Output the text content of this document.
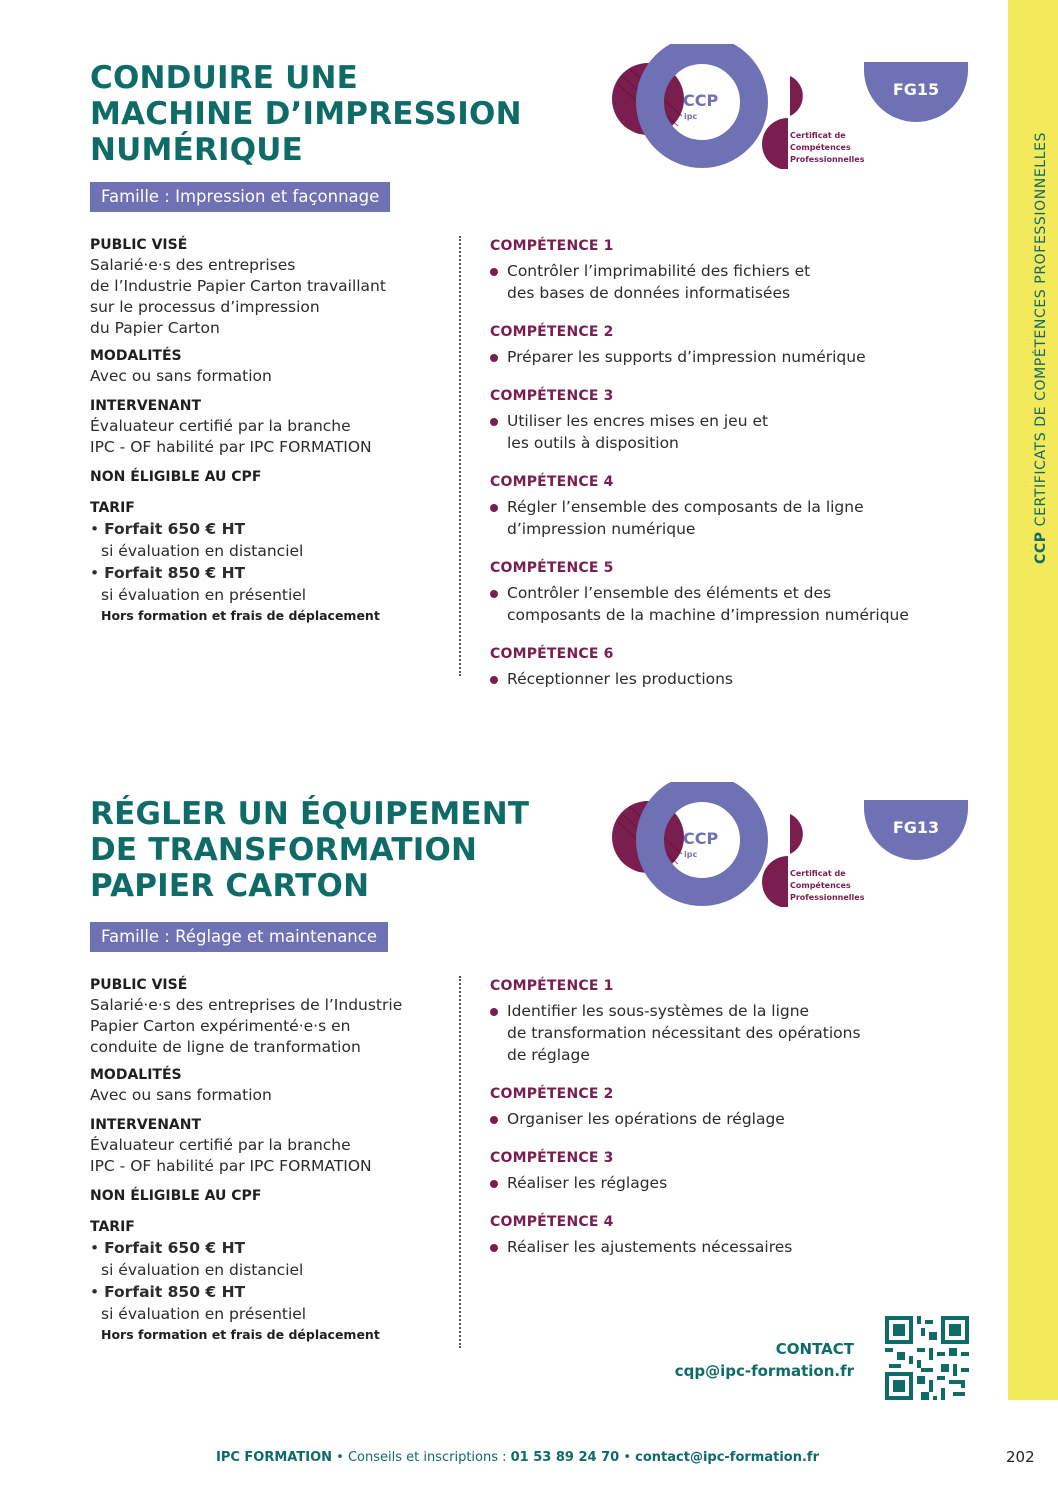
CCP CERTIFICATS DE COMPÉTENCES PROFESSIONNELLES
CONDUIRE UNE
MACHINE D’IMPRESSION
NUMÉRIQUE
CCP
ipc
Certificat de
Compétences
Professionnelles
FG15
Famille : Impression et façonnage
PUBLIC VISÉ
Salarié·e·s des entreprises
de l’Industrie Papier Carton travaillant
sur le processus d’impression
du Papier Carton
MODALITÉS
Avec ou sans formation
INTERVENANT
Évaluateur certifié par la branche
IPC - OF habilité par IPC FORMATION
NON ÉLIGIBLE AU CPF
TARIF
• Forfait 650 € HT
si évaluation en distanciel
• Forfait 850 € HT
si évaluation en présentiel
Hors formation et frais de déplacement
COMPÉTENCE 1
Contrôler l’imprimabilité des fichiers et
des bases de données informatisées
COMPÉTENCE 2
Préparer les supports d’impression numérique
COMPÉTENCE 3
Utiliser les encres mises en jeu et
les outils à disposition
COMPÉTENCE 4
Régler l’ensemble des composants de la ligne
d’impression numérique
COMPÉTENCE 5
Contrôler l’ensemble des éléments et des
composants de la machine d’impression numérique
COMPÉTENCE 6
Réceptionner les productions
RÉGLER UN ÉQUIPEMENT
DE TRANSFORMATION
PAPIER CARTON
CCP
ipc
Certificat de
Compétences
Professionnelles
FG13
Famille : Réglage et maintenance
PUBLIC VISÉ
Salarié·e·s des entreprises de l’Industrie
Papier Carton expérimenté·e·s en
conduite de ligne de tranformation
MODALITÉS
Avec ou sans formation
INTERVENANT
Évaluateur certifié par la branche
IPC - OF habilité par IPC FORMATION
NON ÉLIGIBLE AU CPF
TARIF
• Forfait 650 € HT
si évaluation en distanciel
• Forfait 850 € HT
si évaluation en présentiel
Hors formation et frais de déplacement
COMPÉTENCE 1
Identifier les sous-systèmes de la ligne
de transformation nécessitant des opérations
de réglage
COMPÉTENCE 2
Organiser les opérations de réglage
COMPÉTENCE 3
Réaliser les réglages
COMPÉTENCE 4
Réaliser les ajustements nécessaires
CONTACT
cqp@ipc-formation.fr
IPC FORMATION • Conseils et inscriptions : 01 53 89 24 70 • contact@ipc-formation.fr	202
